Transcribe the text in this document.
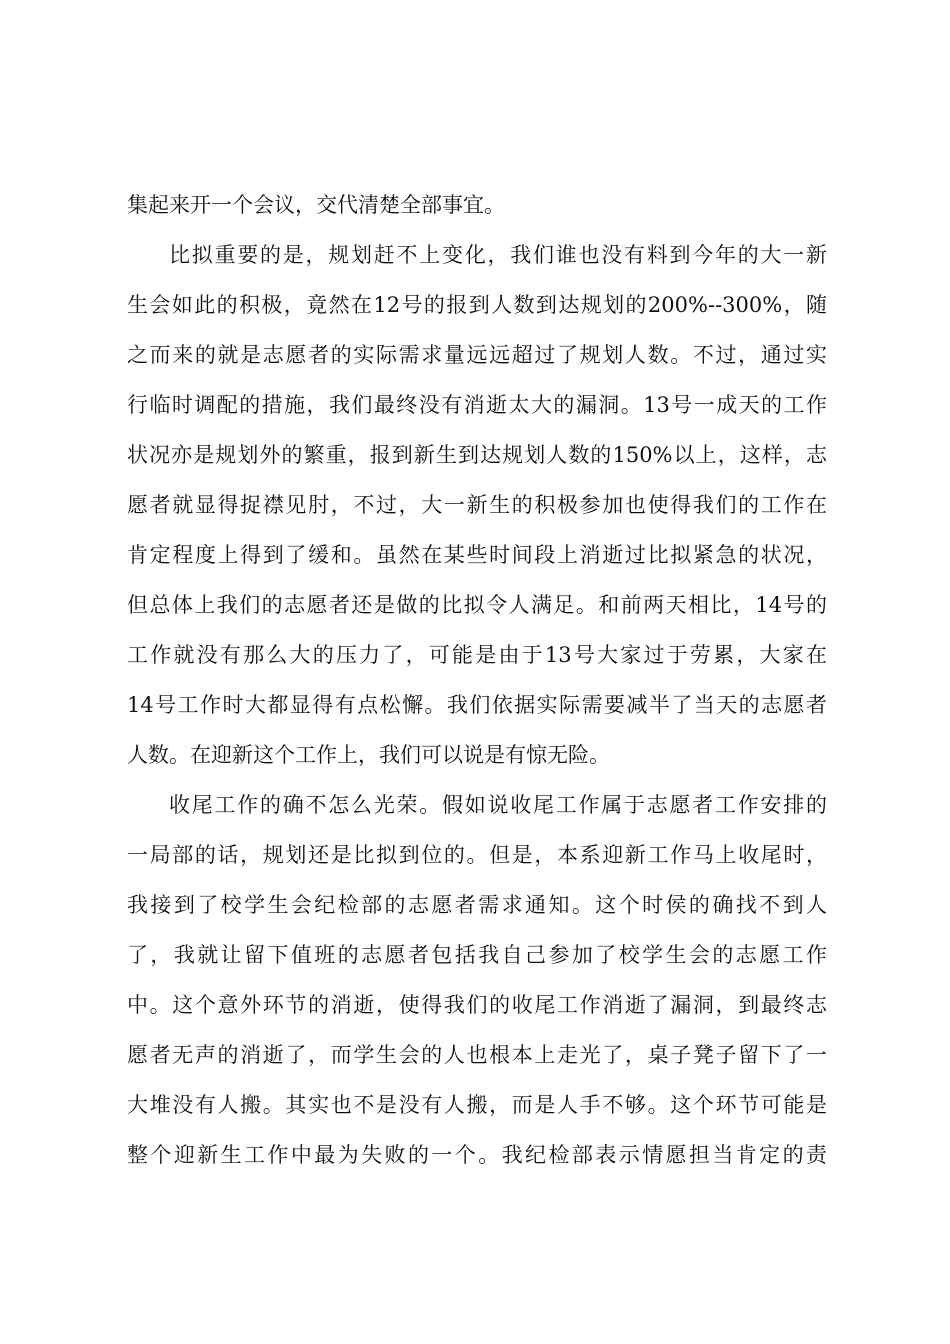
集起来开一个会议，交代清楚全部事宜。
比拟重要的是，规划赶不上变化，我们谁也没有料到今年的大一新
生会如此的积极，竟然在12号的报到人数到达规划的200%--300%，随
之而来的就是志愿者的实际需求量远远超过了规划人数。不过，通过实
行临时调配的措施，我们最终没有消逝太大的漏洞。13号一成天的工作
状况亦是规划外的繁重，报到新生到达规划人数的150%以上，这样，志
愿者就显得捉襟见肘，不过，大一新生的积极参加也使得我们的工作在
肯定程度上得到了缓和。虽然在某些时间段上消逝过比拟紧急的状况，
但总体上我们的志愿者还是做的比拟令人满足。和前两天相比，14号的
工作就没有那么大的压力了，可能是由于13号大家过于劳累，大家在
14号工作时大都显得有点松懈。我们依据实际需要减半了当天的志愿者
人数。在迎新这个工作上，我们可以说是有惊无险。
收尾工作的确不怎么光荣。假如说收尾工作属于志愿者工作安排的
一局部的话，规划还是比拟到位的。但是，本系迎新工作马上收尾时，
我接到了校学生会纪检部的志愿者需求通知。这个时侯的确找不到人
了，我就让留下值班的志愿者包括我自己参加了校学生会的志愿工作
中。这个意外环节的消逝，使得我们的收尾工作消逝了漏洞，到最终志
愿者无声的消逝了，而学生会的人也根本上走光了，桌子凳子留下了一
大堆没有人搬。其实也不是没有人搬，而是人手不够。这个环节可能是
整个迎新生工作中最为失败的一个。我纪检部表示情愿担当肯定的责
